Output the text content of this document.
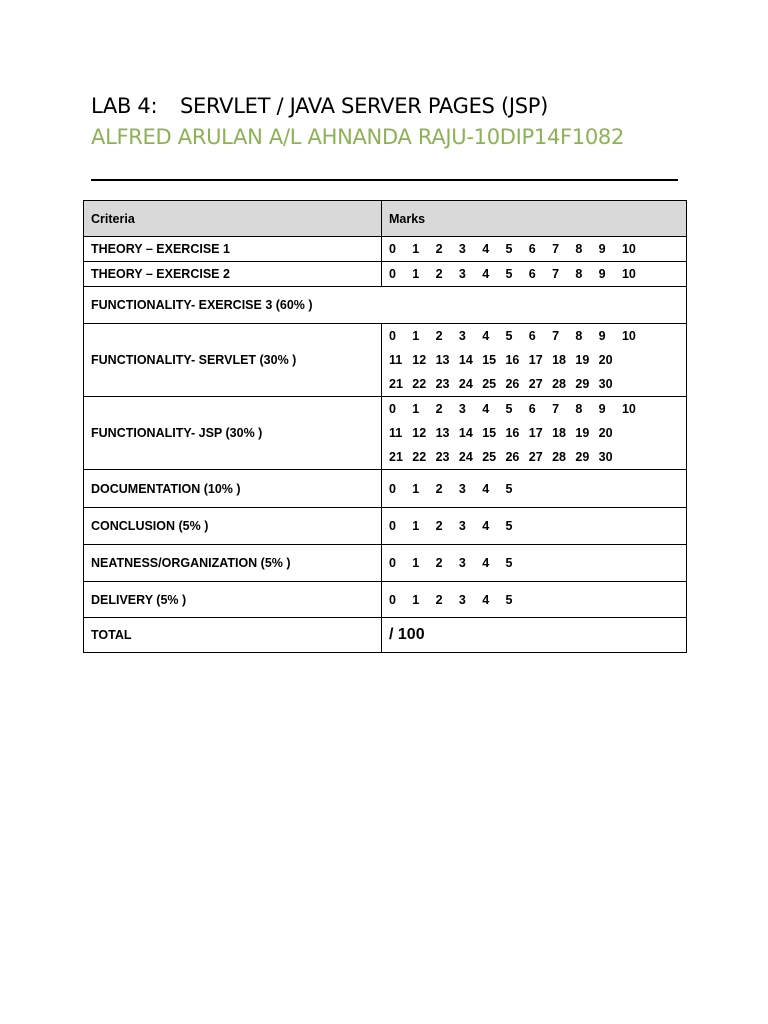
LAB 4: SERVLET / JAVA SERVER PAGES (JSP)
ALFRED ARULAN A/L AHNANDA RAJU-10DIP14F1082
Criteria	Marks
THEORY – EXERCISE 1	0 1 2 3 4 5 6 7 8 9 10

THEORY – EXERCISE 2	0 1 2 3 4 5 6 7 8 9 10

FUNCTIONALITY- EXERCISE 3 (60% )	
FUNCTIONALITY- SERVLET (30% )	0 1 2 3 4 5 6 7 8 9 10
11 12 13 14 15 16 17 18 19 20
21 22 23 24 25 26 27 28 29 30

FUNCTIONALITY- JSP (30% )	0 1 2 3 4 5 6 7 8 9 10
11 12 13 14 15 16 17 18 19 20
21 22 23 24 25 26 27 28 29 30

DOCUMENTATION (10% )	0 1 2 3 4 5

CONCLUSION (5% )	0 1 2 3 4 5

NEATNESS/ORGANIZATION (5% )	0 1 2 3 4 5

DELIVERY (5% )	0 1 2 3 4 5

TOTAL	/ 100
